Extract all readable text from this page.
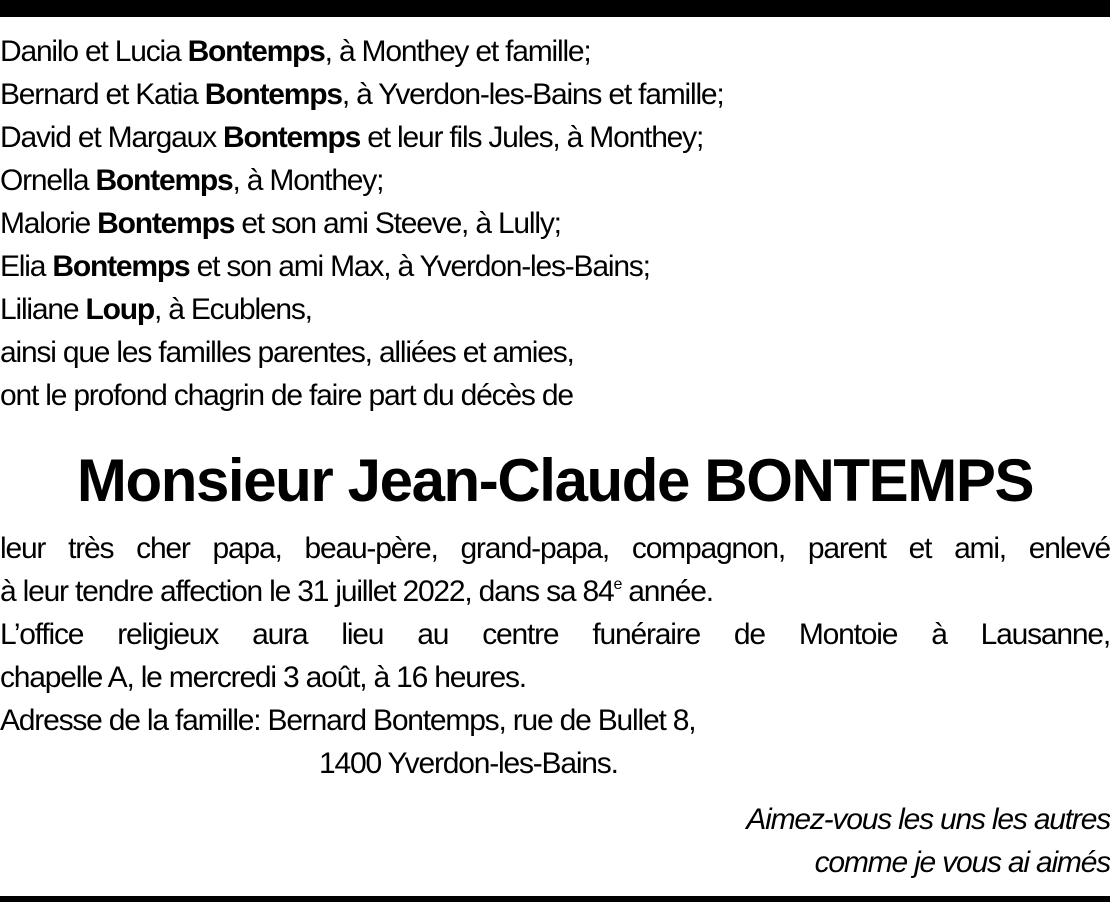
Danilo et Lucia Bontemps, à Monthey et famille;
Bernard et Katia Bontemps, à Yverdon-les-Bains et famille;
David et Margaux Bontemps et leur fils Jules, à Monthey;
Ornella Bontemps, à Monthey;
Malorie Bontemps et son ami Steeve, à Lully;
Elia Bontemps et son ami Max, à Yverdon-les-Bains;
Liliane Loup, à Ecublens,
ainsi que les familles parentes, alliées et amies,
ont le profond chagrin de faire part du décès de
Monsieur Jean-Claude BONTEMPS
leur très cher papa, beau-père, grand-papa, compagnon, parent et ami, enlevé
à leur tendre affection le 31 juillet 2022, dans sa 84e année.
L’office religieux aura lieu au centre funéraire de Montoie à Lausanne,
chapelle A, le mercredi 3 août, à 16 heures.
Adresse de la famille: Bernard Bontemps, rue de Bullet 8,
1400 Yverdon-les-Bains.
Aimez-vous les uns les autres
comme je vous ai aimés
